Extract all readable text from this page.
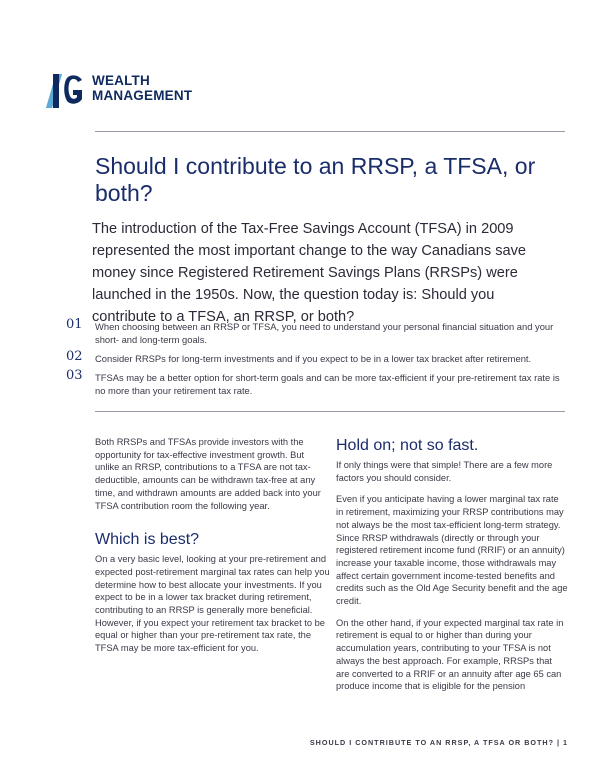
WEALTH
MANAGEMENT
Should I contribute to an RRSP, a TFSA, or both?

The introduction of the Tax-Free Savings Account (TFSA) in 2009 represented the most important change to the way Canadians save money since Registered Retirement Savings Plans (RRSPs) were launched in the 1950s. Now, the question today is: Should you contribute to a TFSA, an RRSP, or both?

01 When choosing between an RRSP or TFSA, you need to understand your personal financial situation and your short- and long-term goals.
02 Consider RRSPs for long-term investments and if you expect to be in a lower tax bracket after retirement.
03 TFSAs may be a better option for short-term goals and can be more tax-efficient if your pre-retirement tax rate is no more than your retirement tax rate.

Both RRSPs and TFSAs provide investors with the opportunity for tax-effective investment growth. But unlike an RRSP, contributions to a TFSA are not tax-deductible, amounts can be withdrawn tax-free at any time, and withdrawn amounts are added back into your TFSA contribution room the following year.

Which is best?

On a very basic level, looking at your pre-retirement and expected post-retirement marginal tax rates can help you determine how to best allocate your investments. If you expect to be in a lower tax bracket during retirement, contributing to an RRSP is generally more beneficial. However, if you expect your retirement tax bracket to be equal or higher than your pre-retirement tax rate, the TFSA may be more tax-efficient for you.

Hold on; not so fast.

If only things were that simple! There are a few more factors you should consider.

Even if you anticipate having a lower marginal tax rate in retirement, maximizing your RRSP contributions may not always be the most tax-efficient long-term strategy. Since RRSP withdrawals (directly or through your registered retirement income fund (RRIF) or an annuity) increase your taxable income, those withdrawals may affect certain government income-tested benefits and credits such as the Old Age Security benefit and the age credit.

On the other hand, if your expected marginal tax rate in retirement is equal to or higher than during your accumulation years, contributing to your TFSA is not always the best approach. For example, RRSPs that are converted to a RRIF or an annuity after age 65 can produce income that is eligible for the pension

SHOULD I CONTRIBUTE TO AN RRSP, A TFSA OR BOTH? | 1
